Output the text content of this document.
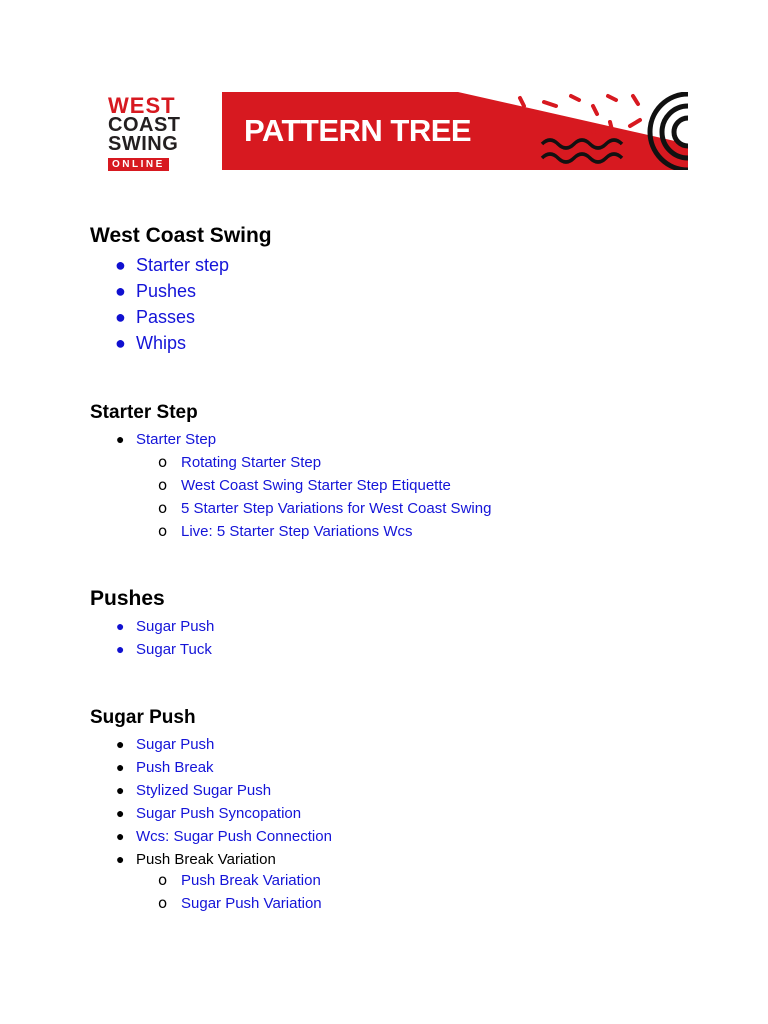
WEST
COAST
SWING
ONLINE
PATTERN TREE
West Coast Swing
● Starter step
● Pushes
● Passes
● Whips
Starter Step
● Starter Step
o Rotating Starter Step
o West Coast Swing Starter Step Etiquette
o 5 Starter Step Variations for West Coast Swing
o Live: 5 Starter Step Variations Wcs
Pushes
● Sugar Push
● Sugar Tuck
Sugar Push
● Sugar Push
● Push Break
● Stylized Sugar Push
● Sugar Push Syncopation
● Wcs: Sugar Push Connection
● Push Break Variation
o Push Break Variation
o Sugar Push Variation
